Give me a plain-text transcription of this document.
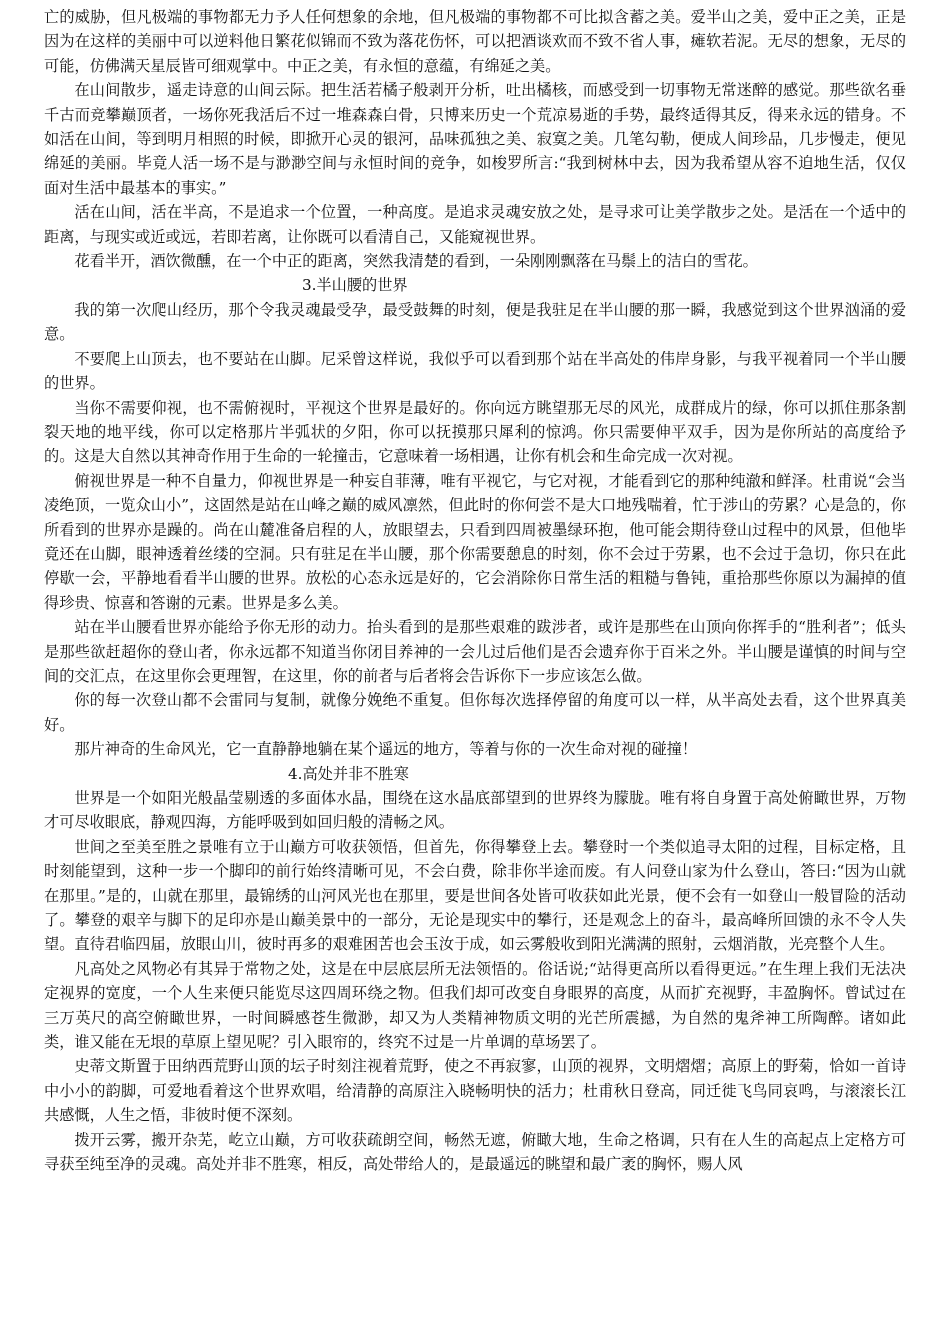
亡的威胁，但凡极端的事物都无力予人任何想象的余地，但凡极端的事物都不可比拟含蓄之美。爱半山之美，爱中正之美，正是因为在这样的美丽中可以逆料他日繁花似锦而不致为落花伤怀，可以把酒谈欢而不致不省人事，瘫软若泥。无尽的想象，无尽的可能，仿佛满天星辰皆可细观掌中。中正之美，有永恒的意蕴，有绵延之美。

在山间散步，遥走诗意的山间云际。把生活若橘子般剥开分析，吐出橘核，而感受到一切事物无常迷醉的感觉。那些欲名垂千古而竞攀巅顶者，一场你死我活后不过一堆森森白骨，只博来历史一个荒凉易逝的手势，最终适得其反，得来永远的错身。不如活在山间，等到明月相照的时候，即掀开心灵的银河，品味孤独之美、寂寞之美。几笔勾勒，便成人间珍品，几步慢走，便见绵延的美丽。毕竟人活一场不是与渺渺空间与永恒时间的竞争，如梭罗所言:“我到树林中去，因为我希望从容不迫地生活，仅仅面对生活中最基本的事实。”

活在山间，活在半高，不是追求一个位置，一种高度。是追求灵魂安放之处，是寻求可让美学散步之处。是活在一个适中的距离，与现实或近或远，若即若离，让你既可以看清自己，又能窥视世界。

花看半开，酒饮微醺，在一个中正的距离，突然我清楚的看到，一朵刚刚飘落在马鬃上的洁白的雪花。

3.半山腰的世界

我的第一次爬山经历，那个令我灵魂最受孕，最受鼓舞的时刻，便是我驻足在半山腰的那一瞬，我感觉到这个世界汹涌的爱意。

不要爬上山顶去，也不要站在山脚。尼采曾这样说，我似乎可以看到那个站在半高处的伟岸身影，与我平视着同一个半山腰的世界。

当你不需要仰视，也不需俯视时，平视这个世界是最好的。你向远方眺望那无尽的风光，成群成片的绿，你可以抓住那条割裂天地的地平线，你可以定格那片半弧状的夕阳，你可以抚摸那只犀利的惊鸿。你只需要伸平双手，因为是你所站的高度给予的。这是大自然以其神奇作用于生命的一轮撞击，它意味着一场相遇，让你有机会和生命完成一次对视。

俯视世界是一种不自量力，仰视世界是一种妄自菲薄，唯有平视它，与它对视，才能看到它的那种纯澈和鲜泽。杜甫说“会当凌绝顶，一览众山小”，这固然是站在山峰之巅的威风凛然，但此时的你何尝不是大口地残喘着，忙于涉山的劳累？心是急的，你所看到的世界亦是躁的。尚在山麓准备启程的人，放眼望去，只看到四周被墨绿环抱，他可能会期待登山过程中的风景，但他毕竟还在山脚，眼神透着丝缕的空洞。只有驻足在半山腰，那个你需要憩息的时刻，你不会过于劳累，也不会过于急切，你只在此停歇一会，平静地看看半山腰的世界。放松的心态永远是好的，它会消除你日常生活的粗糙与鲁钝，重拾那些你原以为漏掉的值得珍贵、惊喜和答谢的元素。世界是多么美。

站在半山腰看世界亦能给予你无形的动力。抬头看到的是那些艰难的跋涉者，或许是那些在山顶向你挥手的“胜利者”；低头是那些欲赶超你的登山者，你永远都不知道当你闭目养神的一会儿过后他们是否会遗弃你于百米之外。半山腰是谨慎的时间与空间的交汇点，在这里你会更理智，在这里，你的前者与后者将会告诉你下一步应该怎么做。

你的每一次登山都不会雷同与复制，就像分娩绝不重复。但你每次选择停留的角度可以一样，从半高处去看，这个世界真美好。

那片神奇的生命风光，它一直静静地躺在某个遥远的地方，等着与你的一次生命对视的碰撞！

4.高处并非不胜寒

世界是一个如阳光般晶莹剔透的多面体水晶，围绕在这水晶底部望到的世界终为朦胧。唯有将自身置于高处俯瞰世界，万物才可尽收眼底，静观四海，方能呼吸到如回归般的清畅之风。

世间之至美至胜之景唯有立于山巅方可收获领悟，但首先，你得攀登上去。攀登时一个类似追寻太阳的过程，目标定格，且时刻能望到，这种一步一个脚印的前行始终清晰可见，不会白费，除非你半途而废。有人问登山家为什么登山，答曰:“因为山就在那里。”是的，山就在那里，最锦绣的山河风光也在那里，要是世间各处皆可收获如此光景，便不会有一如登山一般冒险的活动了。攀登的艰辛与脚下的足印亦是山巅美景中的一部分，无论是现实中的攀行，还是观念上的奋斗，最高峰所回馈的永不令人失望。直待君临四届，放眼山川，彼时再多的艰难困苦也会玉汝于成，如云雾般收到阳光满满的照射，云烟消散，光亮整个人生。

凡高处之风物必有其异于常物之处，这是在中层底层所无法领悟的。俗话说;“站得更高所以看得更远。”在生理上我们无法决定视界的宽度，一个人生来便只能览尽这四周环绕之物。但我们却可改变自身眼界的高度，从而扩充视野，丰盈胸怀。曾试过在三万英尺的高空俯瞰世界，一时间瞬感苍生微渺，却又为人类精神物质文明的光芒所震撼，为自然的鬼斧神工所陶醉。诸如此类，谁又能在无垠的草原上望见呢？引入眼帘的，终究不过是一片单调的草场罢了。

史蒂文斯置于田纳西荒野山顶的坛子时刻注视着荒野，使之不再寂寥，山顶的视界，文明熠熠；高原上的野菊，恰如一首诗中小小的韵脚，可爱地看着这个世界欢唱，给清静的高原注入晓畅明快的活力；杜甫秋日登高，同迁徙飞鸟同哀鸣，与滚滚长江共感慨，人生之悟，非彼时便不深刻。

拨开云雾，搬开杂芜，屹立山巅，方可收获疏朗空间，畅然无遮，俯瞰大地，生命之格调，只有在人生的高起点上定格方可寻获至纯至净的灵魂。高处并非不胜寒，相反，高处带给人的，是最遥远的眺望和最广袤的胸怀，赐人风
